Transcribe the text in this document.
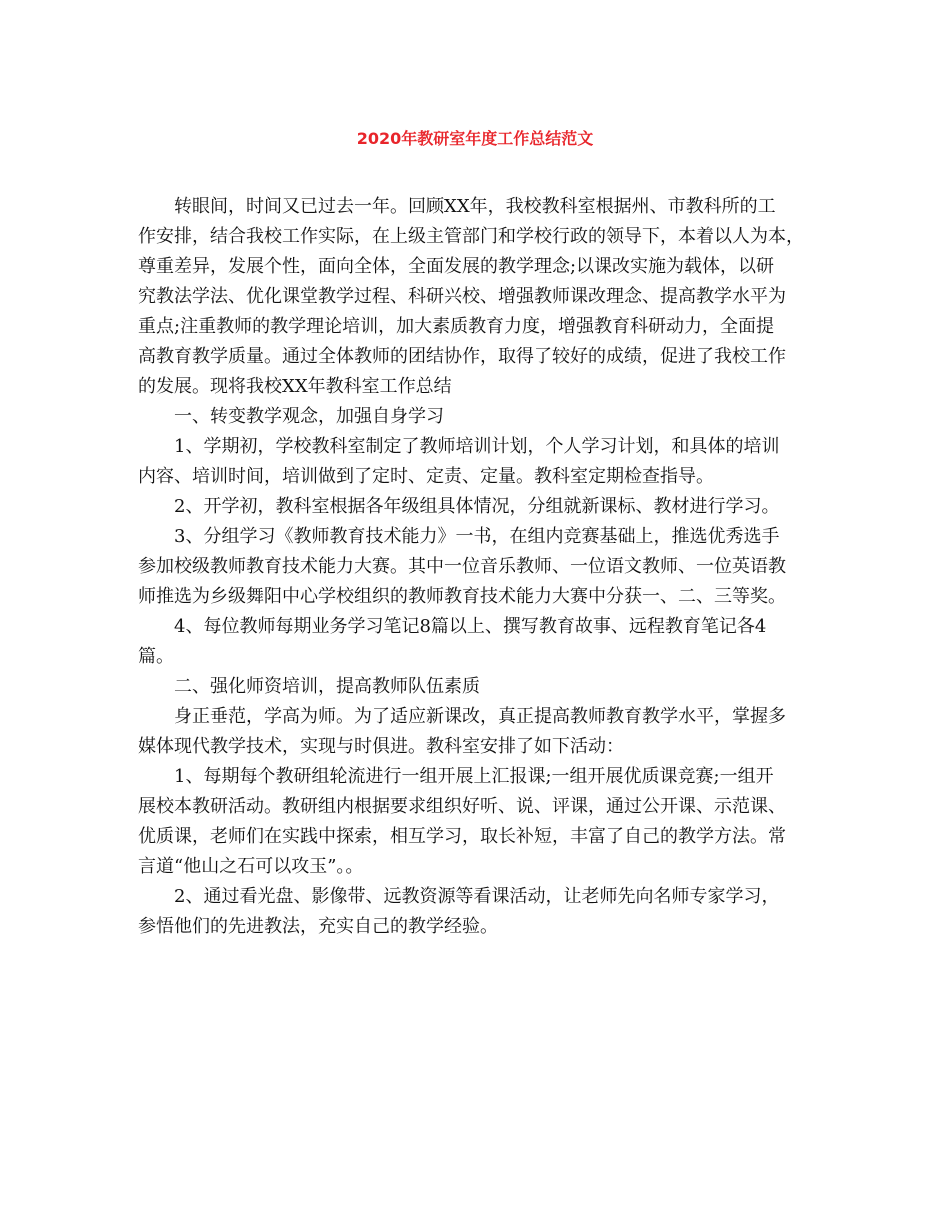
2020年教研室年度工作总结范文
转眼间，时间又已过去一年。回顾XX年，我校教科室根据州、市教科所的工
作安排，结合我校工作实际，在上级主管部门和学校行政的领导下，本着以人为本，
尊重差异，发展个性，面向全体，全面发展的教学理念;以课改实施为载体，以研
究教法学法、优化课堂教学过程、科研兴校、增强教师课改理念、提高教学水平为
重点;注重教师的教学理论培训，加大素质教育力度，增强教育科研动力，全面提
高教育教学质量。通过全体教师的团结协作，取得了较好的成绩，促进了我校工作
的发展。现将我校XX年教科室工作总结
一、转变教学观念，加强自身学习
1、学期初，学校教科室制定了教师培训计划，个人学习计划，和具体的培训
内容、培训时间，培训做到了定时、定责、定量。教科室定期检查指导。
2、开学初，教科室根据各年级组具体情况，分组就新课标、教材进行学习。
3、分组学习《教师教育技术能力》一书，在组内竞赛基础上，推选优秀选手
参加校级教师教育技术能力大赛。其中一位音乐教师、一位语文教师、一位英语教
师推选为乡级舞阳中心学校组织的教师教育技术能力大赛中分获一、二、三等奖。
4、每位教师每期业务学习笔记8篇以上、撰写教育故事、远程教育笔记各4
篇。
二、强化师资培训，提高教师队伍素质
身正垂范，学高为师。为了适应新课改，真正提高教师教育教学水平，掌握多
媒体现代教学技术，实现与时俱进。教科室安排了如下活动：
1、每期每个教研组轮流进行一组开展上汇报课;一组开展优质课竞赛;一组开
展校本教研活动。教研组内根据要求组织好听、说、评课，通过公开课、示范课、
优质课，老师们在实践中探索，相互学习，取长补短，丰富了自己的教学方法。常
言道“他山之石可以攻玉”。。
2、通过看光盘、影像带、远教资源等看课活动，让老师先向名师专家学习，
参悟他们的先进教法，充实自己的教学经验。
